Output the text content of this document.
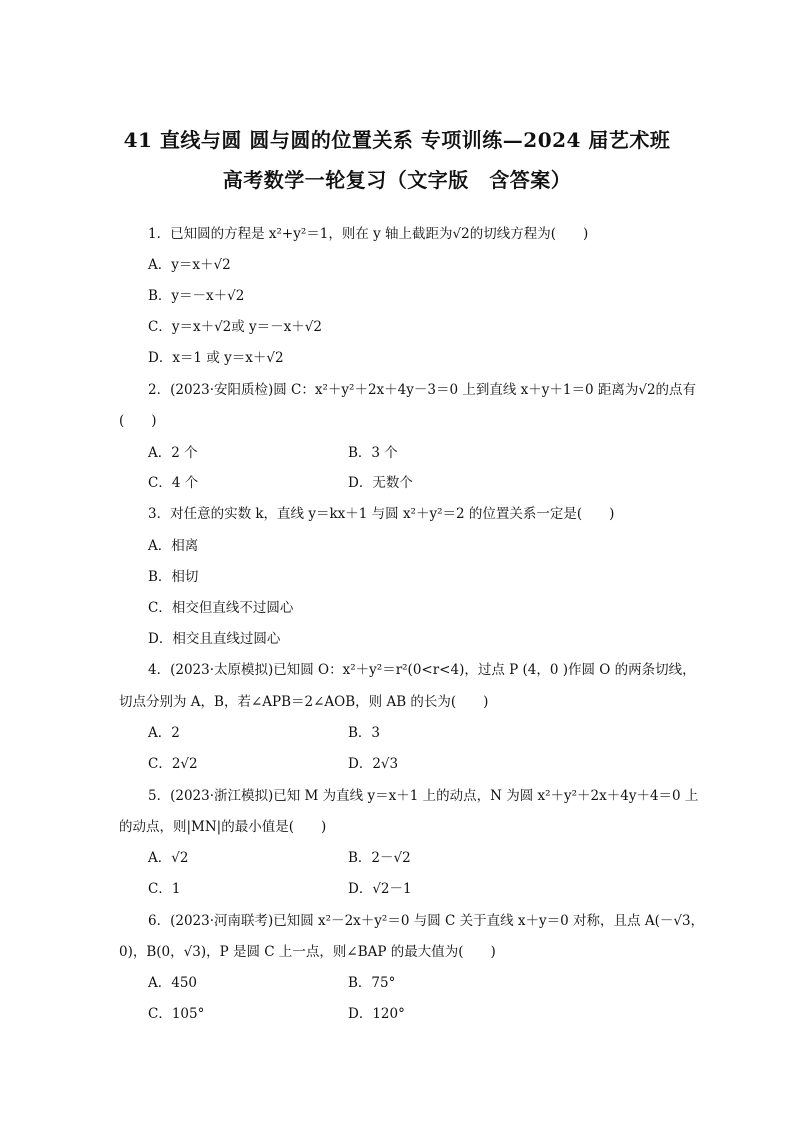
41 直线与圆 圆与圆的位置关系 专项训练—2024 届艺术班
高考数学一轮复习（文字版　含答案）
1．已知圆的方程是 x²+y²＝1，则在 y 轴上截距为√2的切线方程为(　　)
A．y＝x＋√2
B．y＝－x＋√2
C．y＝x＋√2或 y＝－x＋√2
D．x＝1 或 y＝x＋√2
2．(2023·安阳质检)圆 C：x²＋y²＋2x＋4y－3＝0 上到直线 x＋y＋1＝0 距离为√2的点有
(　　)
A．2 个	B．3 个
C．4 个	D．无数个
3．对任意的实数 k，直线 y＝kx＋1 与圆 x²＋y²＝2 的位置关系一定是(　　)
A．相离
B．相切
C．相交但直线不过圆心
D．相交且直线过圆心
4．(2023·太原模拟)已知圆 O：x²＋y²＝r²(0<r<4)，过点 P (4，0 )作圆 O 的两条切线，
切点分别为 A，B，若∠APB＝2∠AOB，则 AB 的长为(　　)
A．2	B．3
C．2√2	D．2√3
5．(2023·浙江模拟)已知 M 为直线 y＝x＋1 上的动点，N 为圆 x²＋y²＋2x＋4y＋4＝0 上
的动点，则|MN|的最小值是(　　)
A．√2	B．2－√2
C．1	D．√2－1
6．(2023·河南联考)已知圆 x²－2x＋y²＝0 与圆 C 关于直线 x＋y＝0 对称，且点 A(－√3，
0)，B(0，√3)，P 是圆 C 上一点，则∠BAP 的最大值为(　　)
A．450	B．75°
C．105°	D．120°
